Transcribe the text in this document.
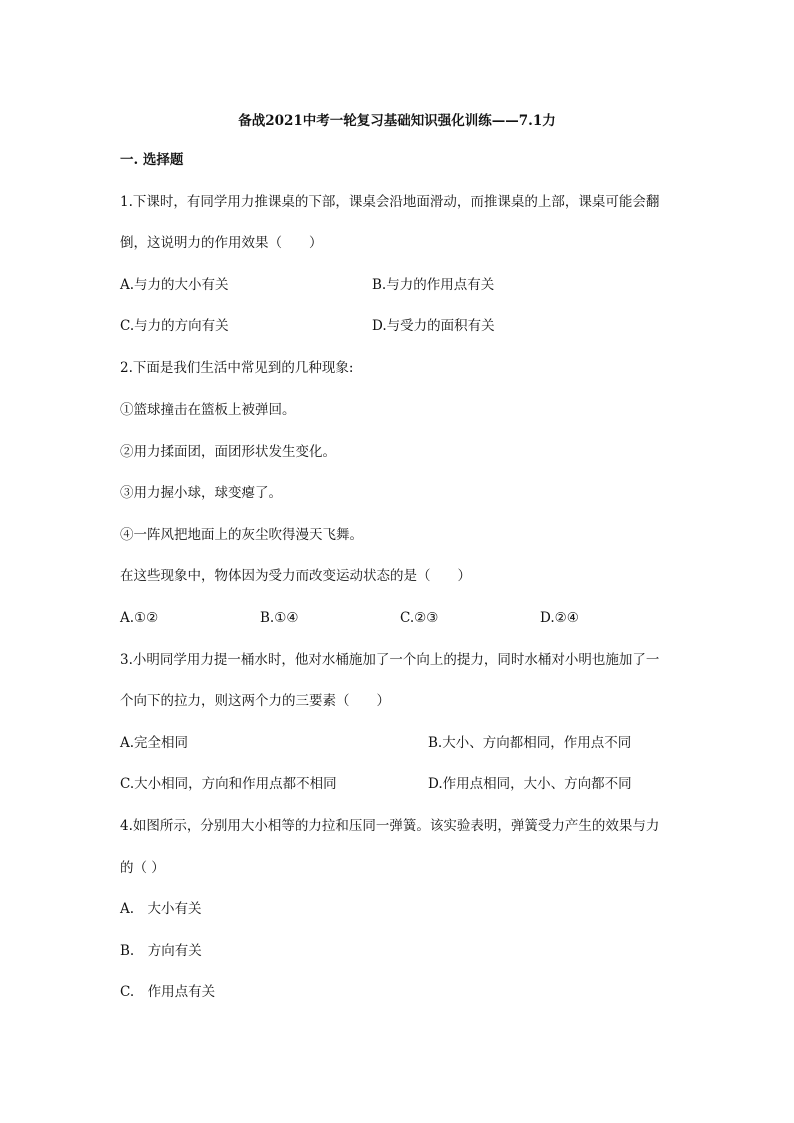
备战2021中考一轮复习基础知识强化训练——7.1力
一. 选择题
1.下课时，有同学用力推课桌的下部，课桌会沿地面滑动，而推课桌的上部，课桌可能会翻
倒，这说明力的作用效果（　　）
A.与力的大小有关	B.与力的作用点有关
C.与力的方向有关	D.与受力的面积有关
2.下面是我们生活中常见到的几种现象:
①篮球撞击在篮板上被弹回。
②用力揉面团，面团形状发生变化。
③用力握小球，球变瘪了。
④一阵风把地面上的灰尘吹得漫天飞舞。
在这些现象中，物体因为受力而改变运动状态的是（　　）
A.①②	B.①④	C.②③	D.②④
3.小明同学用力提一桶水时，他对水桶施加了一个向上的提力，同时水桶对小明也施加了一
个向下的拉力，则这两个力的三要素（　　）
A.完全相同	B.大小、方向都相同，作用点不同
C.大小相同，方向和作用点都不相同	D.作用点相同，大小、方向都不同
4.如图所示，分别用大小相等的力拉和压同一弹簧。该实验表明，弹簧受力产生的效果与力
的（ ）
A.　大小有关
B.　方向有关
C.　作用点有关
